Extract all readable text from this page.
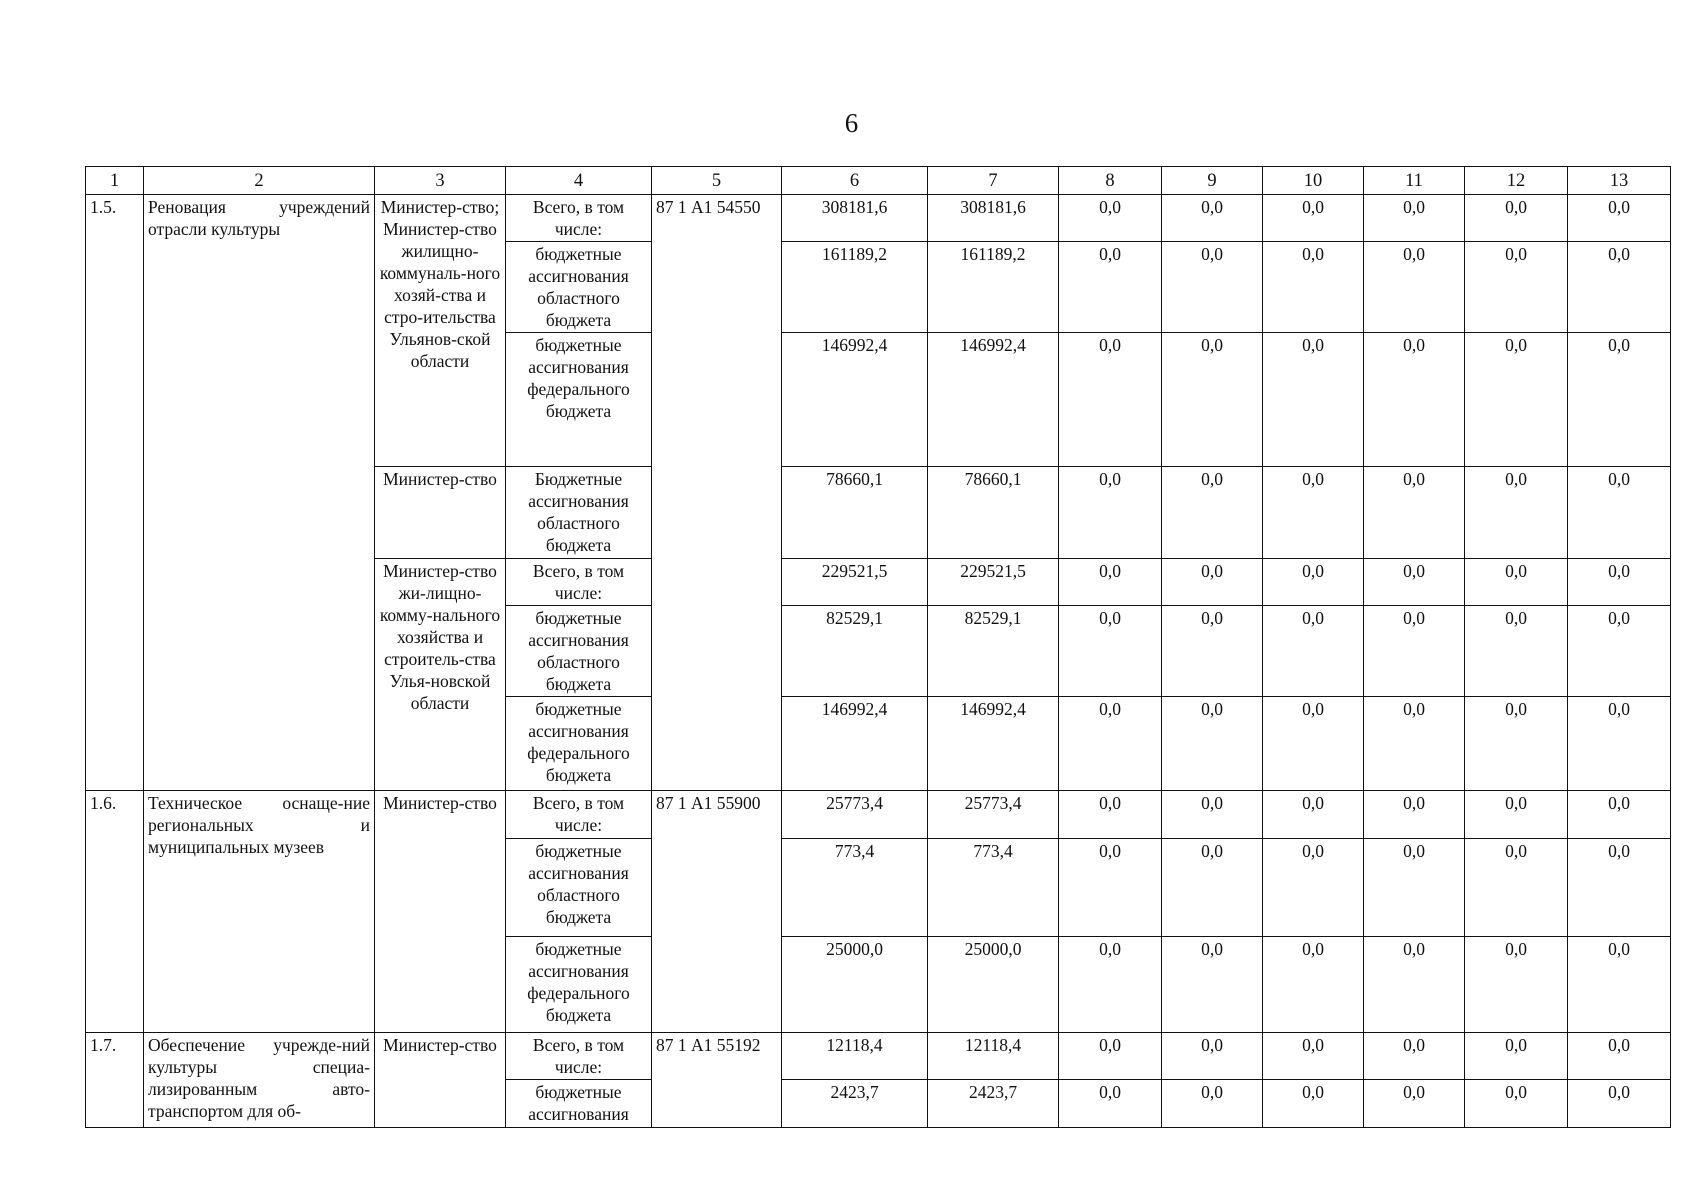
6
1	2	3	4	5	6	7	8	9	10	11	12	13
1.5.	Реновация учреждений отрасли культуры	Министер-ство; Министер-ство жилищно-коммуналь-ного хозяй-ства и стро-ительства Ульянов-ской области	Всего, в том числе:	87 1 А1 54550	308181,6	308181,6	0,0	0,0	0,0	0,0	0,0	0,0
			бюджетные ассигнования областного бюджета		161189,2	161189,2	0,0	0,0	0,0	0,0	0,0	0,0
			бюджетные ассигнования федерального бюджета		146992,4	146992,4	0,0	0,0	0,0	0,0	0,0	0,0
		Министер-ство	Бюджетные ассигнования областного бюджета		78660,1	78660,1	0,0	0,0	0,0	0,0	0,0	0,0
		Министер-ство жи-лищно-комму-нального хозяйства и строитель-ства Улья-новской области	Всего, в том числе:		229521,5	229521,5	0,0	0,0	0,0	0,0	0,0	0,0
			бюджетные ассигнования областного бюджета		82529,1	82529,1	0,0	0,0	0,0	0,0	0,0	0,0
			бюджетные ассигнования федерального бюджета		146992,4	146992,4	0,0	0,0	0,0	0,0	0,0	0,0
1.6.	Техническое оснаще-ние региональных и муниципальных музеев	Министер-ство	Всего, в том числе:	87 1 А1 55900	25773,4	25773,4	0,0	0,0	0,0	0,0	0,0	0,0
			бюджетные ассигнования областного бюджета		773,4	773,4	0,0	0,0	0,0	0,0	0,0	0,0
			бюджетные ассигнования федерального бюджета		25000,0	25000,0	0,0	0,0	0,0	0,0	0,0	0,0
1.7.	Обеспечение учрежде-ний культуры специа-лизированным авто-транспортом для об-	Министер-ство	Всего, в том числе:	87 1 А1 55192	12118,4	12118,4	0,0	0,0	0,0	0,0	0,0	0,0
			бюджетные ассигнования		2423,7	2423,7	0,0	0,0	0,0	0,0	0,0	0,0
